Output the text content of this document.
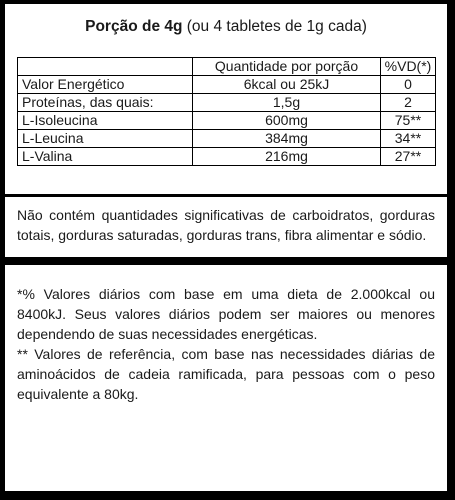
Porção de 4g (ou 4 tabletes de 1g cada)
	Quantidade por porção	%VD(*)
Valor Energético	6kcal ou 25kJ	0
Proteínas, das quais:	1,5g	2
L-Isoleucina	600mg	75**
L-Leucina	384mg	34**
L-Valina	216mg	27**

Não contém quantidades significativas de carboidratos, gorduras totais, gorduras saturadas, gorduras trans, fibra alimentar e sódio.

*% Valores diários com base em uma dieta de 2.000kcal ou 8400kJ. Seus valores diários podem ser maiores ou menores dependendo de suas necessidades energéticas.

** Valores de referência, com base nas necessidades diárias de aminoácidos de cadeia ramificada, para pessoas com o peso equivalente a 80kg.
